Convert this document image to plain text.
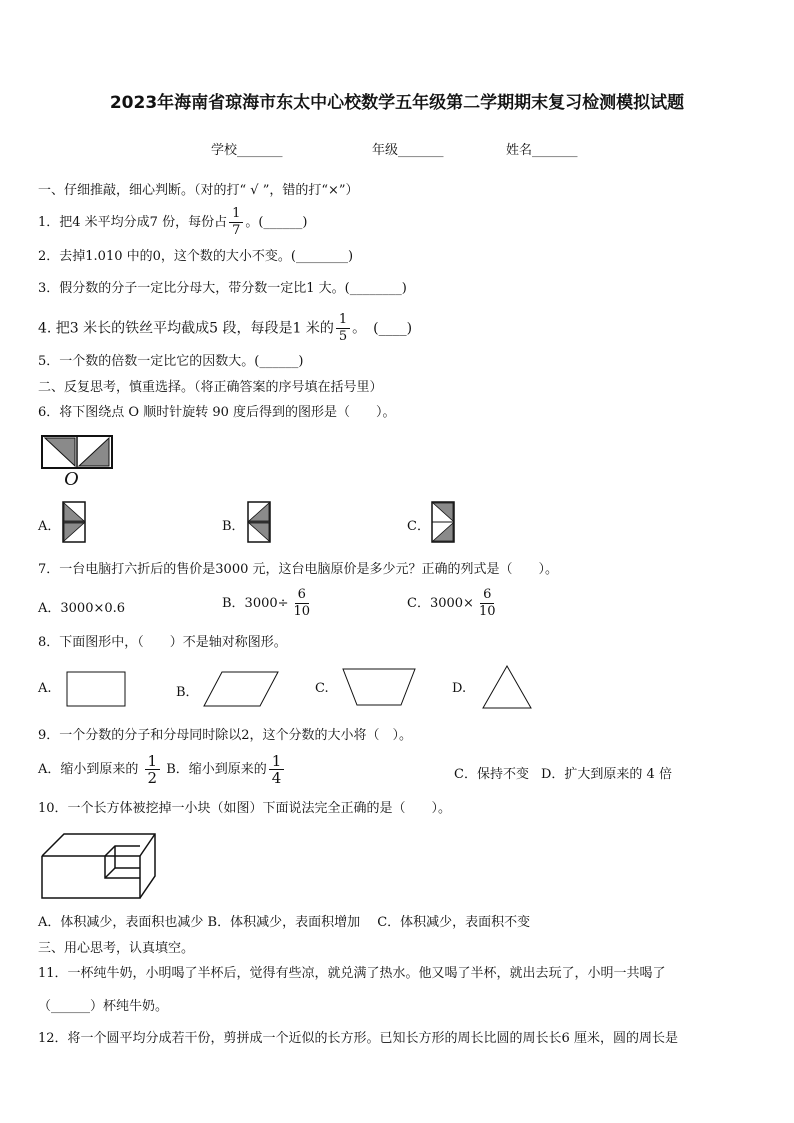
2023年海南省琼海市东太中心校数学五年级第二学期期末复习检测模拟试题
学校_______	年级_______	姓名_______
一、仔细推敲，细心判断。（对的打“ √ ”，错的打“×”）
1．把4 米平均分成7 份，每份占 $\frac{1}{7}$ 。(______)
2．去掉1.010 中的0，这个数的大小不变。(________)
3．假分数的分子一定比分母大，带分数一定比1 大。(________)
4. 把3 米长的铁丝平均截成5 段，每段是1 米的 $\frac{1}{5}$ 。　(____)
5．一个数的倍数一定比它的因数大。(______)
二、反复思考，慎重选择。（将正确答案的序号填在括号里）
6．将下图绕点 O 顺时针旋转 90 度后得到的图形是（　　）。
O
A．	B．	C．
7．一台电脑打六折后的售价是3000 元，这台电脑原价是多少元？正确的列式是（　　）。
A．3000×0.6	B．$3000\div \frac{6}{10}$	C．$3000\times \frac{6}{10}$
8．下面图形中，（　　）不是轴对称图形。
A.	B．	C.	D.
9．一个分数的分子和分母同时除以2，这个分数的大小将（　）。
A．缩小到原来的 $\frac{1}{2}$ B．缩小到原来的 $\frac{1}{4}$	C．保持不变 D．扩大到原来的 4 倍
10．一个长方体被挖掉一小块（如图）下面说法完全正确的是（　　）。
A．体积减少，表面积也减少 B．体积减少，表面积增加　 C．体积减少，表面积不变
三、用心思考，认真填空。
11．一杯纯牛奶，小明喝了半杯后，觉得有些凉，就兑满了热水。他又喝了半杯，就出去玩了，小明一共喝了
（______）杯纯牛奶。
12．将一个圆平均分成若干份，剪拼成一个近似的长方形。已知长方形的周长比圆的周长长6 厘米，圆的周长是
